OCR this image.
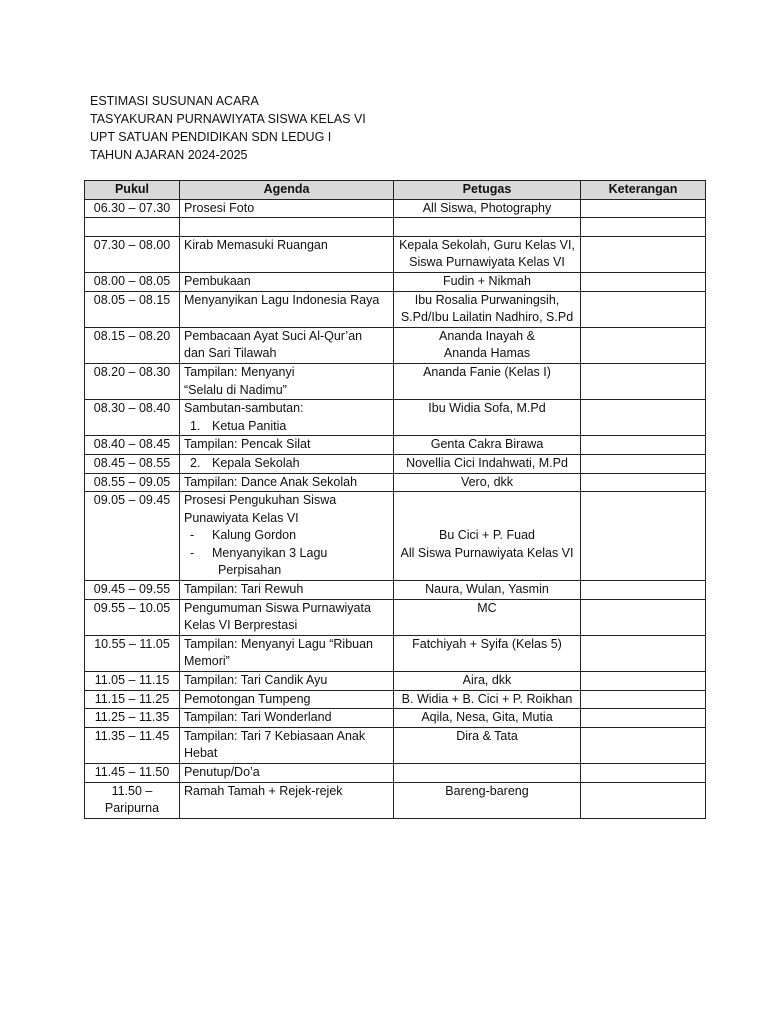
ESTIMASI SUSUNAN ACARA
TASYAKURAN PURNAWIYATA SISWA KELAS VI
UPT SATUAN PENDIDIKAN SDN LEDUG I
TAHUN AJARAN 2024-2025
Pukul	Agenda	Petugas	Keterangan
06.30 – 07.30	Prosesi Foto	All Siswa, Photography	

07.30 – 08.00	Kirab Memasuki Ruangan	Kepala Sekolah, Guru Kelas VI,
Siswa Purnawiyata Kelas VI	

08.00 – 08.05	Pembukaan	Fudin + Nikmah	
08.05 – 08.15	Menyanyikan Lagu Indonesia Raya	Ibu Rosalia Purwaningsih,
S.Pd/Ibu Lailatin Nadhiro, S.Pd	

08.15 – 08.20	Pembacaan Ayat Suci Al-Qur’an
dan Sari Tilawah	Ananda Inayah &
Ananda Hamas	

08.20 – 08.30	Tampilan: Menyanyi
“Selalu di Nadimu”	Ananda Fanie (Kelas I)	
08.30 – 08.40	Sambutan-sambutan:
1. Ketua Panitia	Ibu Widia Sofa, M.Pd	
08.40 – 08.45	Tampilan: Pencak Silat	Genta Cakra Birawa	
08.45 – 08.55	2. Kepala Sekolah	Novellia Cici Indahwati, M.Pd	
08.55 – 09.05	Tampilan: Dance Anak Sekolah	Vero, dkk	
09.05 – 09.45	Prosesi Pengukuhan Siswa
Punawiyata Kelas VI
- Kalung Gordon
- Menyanyikan 3 Lagu
Perpisahan	Bu Cici + P. Fuad
All Siswa Purnawiyata Kelas VI	

09.45 – 09.55	Tampilan: Tari Rewuh	Naura, Wulan, Yasmin	
09.55 – 10.05	Pengumuman Siswa Purnawiyata
Kelas VI Berprestasi	MC	
10.55 – 11.05	Tampilan: Menyanyi Lagu “Ribuan
Memori”	Fatchiyah + Syifa (Kelas 5)	
11.05 – 11.15	Tampilan: Tari Candik Ayu	Aira, dkk	
11.15 – 11.25	Pemotongan Tumpeng	B. Widia + B. Cici + P. Roikhan	
11.25 – 11.35	Tampilan: Tari Wonderland	Aqila, Nesa, Gita, Mutia	
11.35 – 11.45	Tampilan: Tari 7 Kebiasaan Anak
Hebat	Dira & Tata	
11.45 – 11.50	Penutup/Do’a		

11.50 –
Paripurna	Ramah Tamah + Rejek-rejek	Bareng-bareng	
